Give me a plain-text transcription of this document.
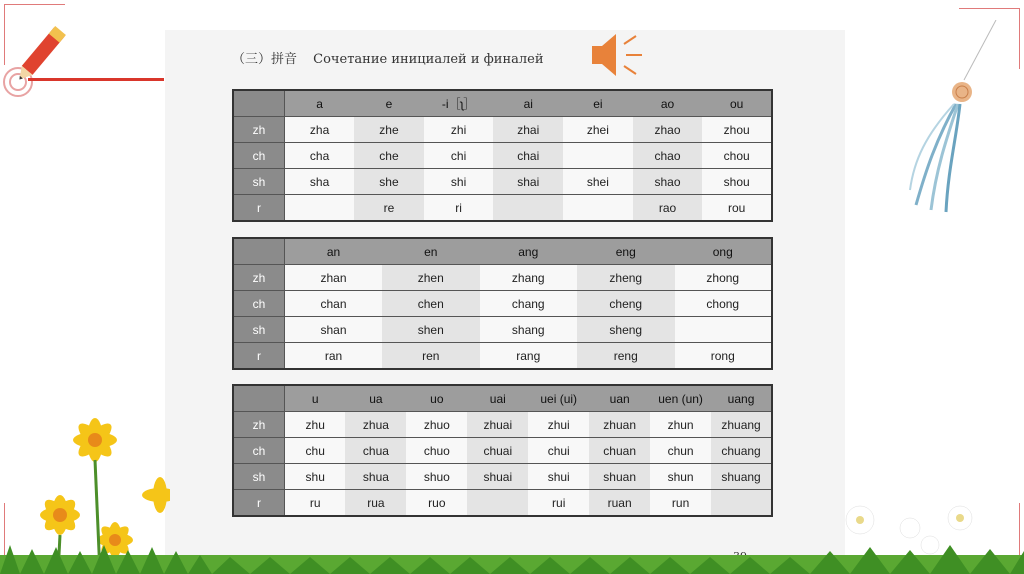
（三）拼音 Сочетание инициалей и финалей
	a	e	-i［ʅ］	ai	ei	ao	ou
zh	zha	zhe	zhi	zhai	zhei	zhao	zhou
ch	cha	che	chi	chai		chao	chou
sh	sha	she	shi	shai	shei	shao	shou
r		re	ri			rao	rou
	an	en	ang	eng	ong
zh	zhan	zhen	zhang	zheng	zhong
ch	chan	chen	chang	cheng	chong
sh	shan	shen	shang	sheng	
r	ran	ren	rang	reng	rong
	u	ua	uo	uai	uei (ui)	uan	uen (un)	uang
zh	zhu	zhua	zhuo	zhuai	zhui	zhuan	zhun	zhuang
ch	chu	chua	chuo	chuai	chui	chuan	chun	chuang
sh	shu	shua	shuo	shuai	shui	shuan	shun	shuang
r	ru	rua	ruo		rui	ruan	run	
